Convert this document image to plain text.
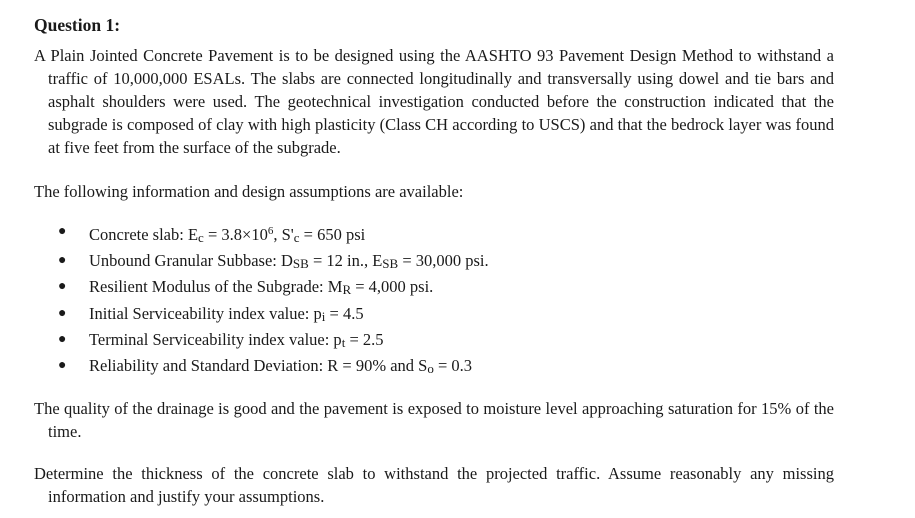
Question 1:

A Plain Jointed Concrete Pavement is to be designed using the AASHTO 93 Pavement Design Method to withstand a traffic of 10,000,000 ESALs. The slabs are connected longitudinally and transversally using dowel and tie bars and asphalt shoulders were used. The geotechnical investigation conducted before the construction indicated that the subgrade is composed of clay with high plasticity (Class CH according to USCS) and that the bedrock layer was found at five feet from the surface of the subgrade.

The following information and design assumptions are available:

● Concrete slab: $E_c = 3.8\times 10^6$, $S'_c = 650$ psi
● Unbound Granular Subbase: $D_{SB} = 12$ in., $E_{SB} = 30,000$ psi.
● Resilient Modulus of the Subgrade: $M_R = 4,000$ psi.
● Initial Serviceability index value: $p_i = 4.5$
● Terminal Serviceability index value: $p_t = 2.5$
● Reliability and Standard Deviation: R = 90% and $S_o = 0.3$

The quality of the drainage is good and the pavement is exposed to moisture level approaching saturation for 15% of the time.

Determine the thickness of the concrete slab to withstand the projected traffic. Assume reasonably any missing information and justify your assumptions.
